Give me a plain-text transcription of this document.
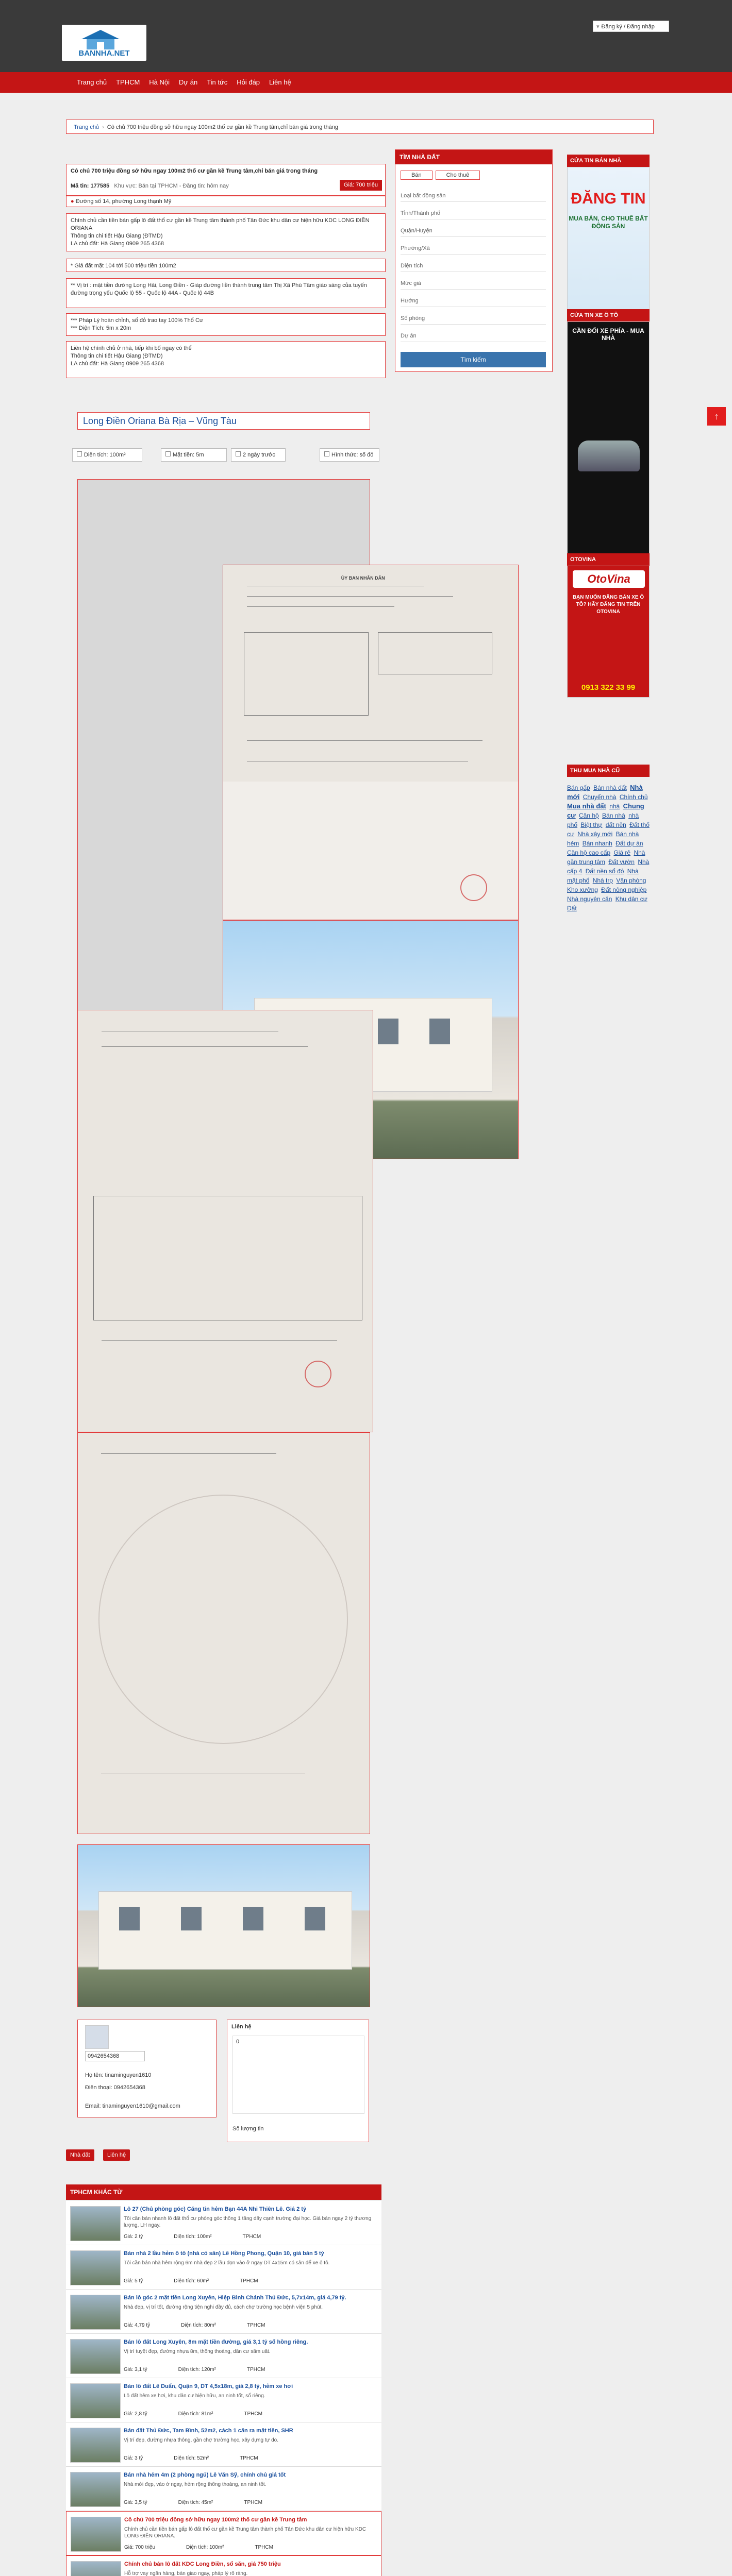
BANNHA.NET
▾ Đăng ký / Đăng nhập
Trang chủ	TPHCM	Hà Nội	Dự án	Tin tức	Hỏi đáp	Liên hệ
Trang chủ › Cô chủ 700 triệu đồng sở hữu ngay 100m2 thổ cư gần kề Trung tâm,chỉ bán giá trong tháng
Cô chủ 700 triệu đồng sở hữu ngay 100m2 thổ cư gần kề Trung tâm,chỉ bán giá trong tháng
Mã tin: 177585 Khu vực: Bán tại TPHCM - Đăng tin: hôm nay	Giá: 700 triệu
● Đường số 14, phường Long thạnh Mỹ
Chính chủ cần tiền bán gấp lô đất thổ cư gần kề Trung tâm thành phố Tân Đức khu dân cư hiện hữu KDC LONG ĐIỀN ORIANA
Thông tin chi tiết Hậu Giang (ĐTMD)
LA chủ đất: Hà Giang 0909 265 4368
* Giá đất mặt 104 tới 500 triệu tiền 100m2
** Vị trí : mặt tiền đường Long Hải, Long Điền - Giáp đường liền thành trung tâm Thị Xã Phú Tâm giáo sáng của tuyến đường trọng yếu Quốc lộ 55 - Quốc lộ 44A - Quốc lộ 44B
*** Pháp Lý hoàn chỉnh, sổ đỏ trao tay 100% Thổ Cư
*** Diện Tích: 5m x 20m
Liên hệ chính chủ ở nhà, tiếp khi bố ngay có thể
Thông tin chi tiết Hậu Giang (ĐTMD)
LA chủ đất: Hà Giang 0909 265 4368
Long Điền Oriana Bà Rịa – Vũng Tàu
Diện tích: 100m²	Mặt tiền: 5m	2 ngày trước	Hình thức: sổ đỏ
ỦY BAN NHÂN DÂN
0942654368
Họ tên: tinaminguyen1610
Điện thoại: 0942654368
Email: tinaminguyen1610@gmail.com
Liên hệ
0
Số lượng tin
Nhà đất	Liên hệ
TPHCM KHÁC TỪ
Lô 27 (Chủ phòng góc) Căng tin hẻm Bạn 44A Nhi Thiên Lê. Giá 2 tỷ
Tôi cần bán nhanh lô đất thổ cư phòng góc thông 1 tầng dãy cạnh trường đại học. Giá bán ngay 2 tỷ thương lượng, LH ngay.
Giá: 2 tỷ	Diện tích: 100m²	TPHCM
Bán nhà 2 lầu hẻm ô tô (nhà có sân) Lê Hồng Phong, Quận 10, giá bán 5 tỷ
Tôi cần bán nhà hẻm rộng 6m nhà đẹp 2 lầu dọn vào ở ngay DT 4x15m có sân để xe ô tô.
Giá: 5 tỷ	Diện tích: 60m²	TPHCM
Bán lô góc 2 mặt tiền Long Xuyên, Hiệp Bình Chánh Thủ Đức, 5,7x14m, giá 4,79 tỷ.
Nhà đẹp, vị trí tốt, đường rộng tiện nghi đầy đủ, cách chợ trường học bệnh viện 5 phút.
Giá: 4,79 tỷ	Diện tích: 80m²	TPHCM
Bán lô đất Long Xuyên, 8m mặt tiền đường, giá 3,1 tỷ sổ hồng riêng.
Vị trí tuyệt đẹp, đường nhựa 8m, thông thoáng, dân cư sầm uất.
Giá: 3,1 tỷ	Diện tích: 120m²	TPHCM
Bán lô đất Lê Duẩn, Quận 9, DT 4,5x18m, giá 2,8 tỷ, hẻm xe hơi
Lô đất hẻm xe hơi, khu dân cư hiện hữu, an ninh tốt, sổ riêng.
Giá: 2,8 tỷ	Diện tích: 81m²	TPHCM
Bán đất Thủ Đức, Tam Bình, 52m2, cách 1 căn ra mặt tiền, SHR
Vị trí đẹp, đường nhựa thông, gần chợ trường học, xây dựng tự do.
Giá: 3 tỷ	Diện tích: 52m²	TPHCM
Bán nhà hẻm 4m (2 phòng ngủ) Lê Văn Sỹ, chính chủ giá tốt
Nhà mới đẹp, vào ở ngay, hẻm rộng thông thoáng, an ninh tốt.
Giá: 3,5 tỷ	Diện tích: 45m²	TPHCM
Cô chủ 700 triệu đồng sở hữu ngay 100m2 thổ cư gần kề Trung tâm
Chính chủ cần tiền bán gấp lô đất thổ cư gần kề Trung tâm thành phố Tân Đức khu dân cư hiện hữu KDC LONG ĐIỀN ORIANA.
Giá: 700 triệu	Diện tích: 100m²	TPHCM
Chính chủ bán lô đất KDC Long Điền, sổ sẵn, giá 750 triệu
Hỗ trợ vay ngân hàng, bàn giao ngay, pháp lý rõ ràng.
TÌM NHÀ ĐẤT
Bán	Cho thuê
Loại bất động sản
Tỉnh/Thành phố
Quận/Huyện
Phường/Xã
Diện tích
Mức giá
Hướng
Số phòng
Dự án
Tìm kiếm
CỬA TIN BÁN NHÀ
ĐĂNG TIN
MUA BÁN, CHO THUÊ BẤT ĐỘNG SẢN
CỬA TIN XE Ô TÔ
CẦN ĐỔI XE PHÍA - MUA NHÀ
OTOVINA
OtoVina
BẠN MUỐN ĐĂNG BÁN XE Ô TÔ? HÃY ĐĂNG TIN TRÊN OTOVINA
0913 322 33 99
THU MUA NHÀ CŨ
Bán gấp Bán nhà đất Nhà mới Chuyển nhà Chính chủ Mua nhà đất nhà Chung cư Căn hộ Bán nhà nhà phố Biệt thự đất nền Đất thổ cư Nhà xây mới Bán nhà hẻm Bán nhanh Đất dự án Căn hộ cao cấp Giá rẻ Nhà gần trung tâm Đất vườn Nhà cấp 4 Đất nền sổ đỏ Nhà mặt phố Nhà trọ Văn phòng Kho xưởng Đất nông nghiệp Nhà nguyên căn Khu dân cư Đất
↑
